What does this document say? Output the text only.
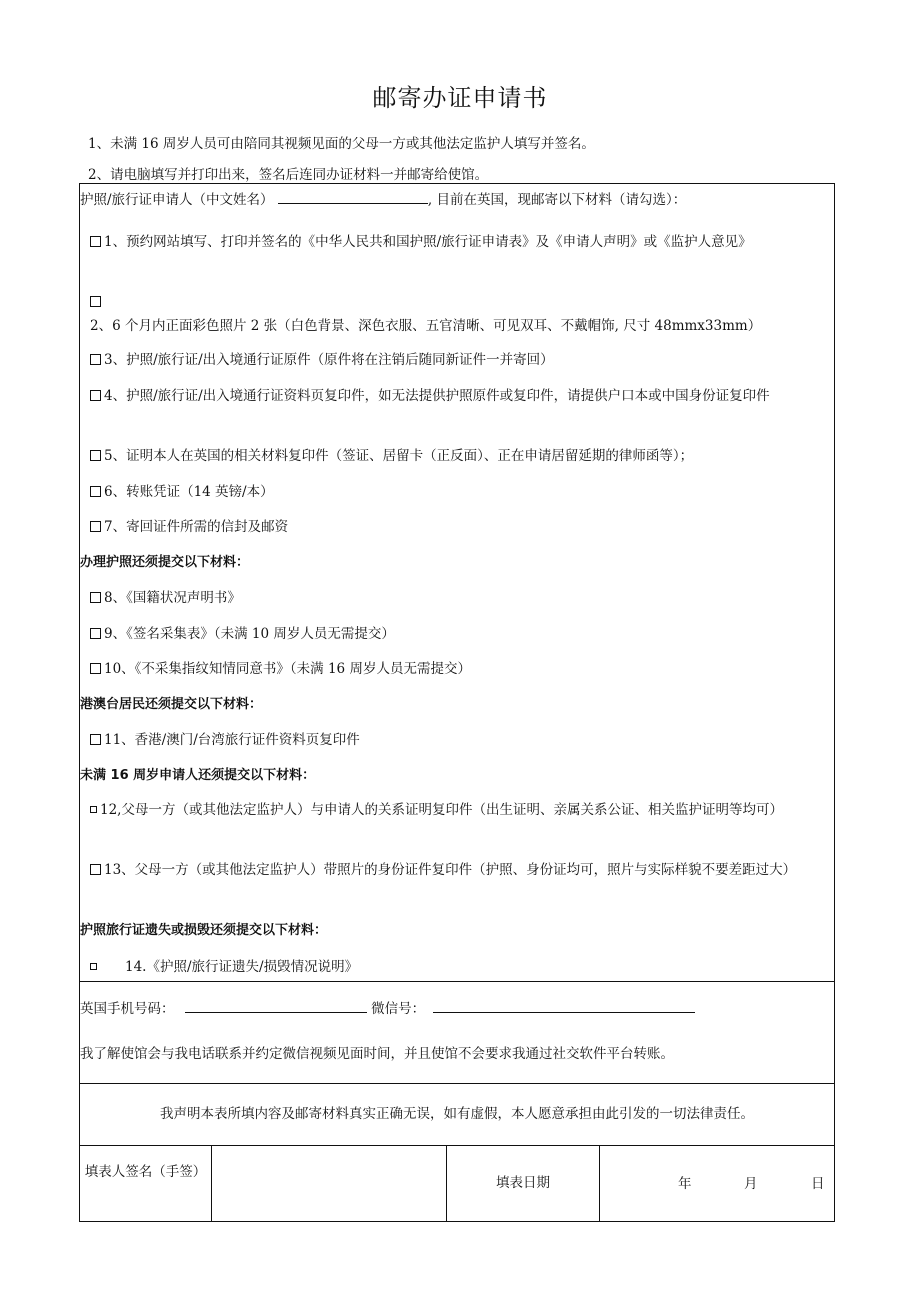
邮寄办证申请书
1、未满 16 周岁人员可由陪同其视频见面的父母一方或其他法定监护人填写并签名。
2、请电脑填写并打印出来，签名后连同办证材料一并邮寄给使馆。
护照/旅行证申请人（中文姓名）	, 目前在英国，现邮寄以下材料（请勾选）：
1、预约网站填写、打印并签名的《中华人民共和国护照/旅行证申请表》及《申请人声明》或《监护人意见》
2、6 个月内正面彩色照片 2 张（白色背景、深色衣服、五官清晰、可见双耳、不戴帽饰, 尺寸 48mmx33mm）
3、护照/旅行证/出入境通行证原件（原件将在注销后随同新证件一并寄回）
4、护照/旅行证/出入境通行证资料页复印件，如无法提供护照原件或复印件，请提供户口本或中国身份证复印件
5、证明本人在英国的相关材料复印件（签证、居留卡（正反面）、正在申请居留延期的律师函等）；
6、转账凭证（14 英镑/本）
7、寄回证件所需的信封及邮资
办理护照还须提交以下材料：
8、《国籍状况声明书》
9、《签名采集表》（未满 10 周岁人员无需提交）
10、《不采集指纹知情同意书》（未满 16 周岁人员无需提交）
港澳台居民还须提交以下材料：
11、香港/澳门/台湾旅行证件资料页复印件
未满 16 周岁申请人还须提交以下材料：
12,父母一方（或其他法定监护人）与申请人的关系证明复印件（出生证明、亲属关系公证、相关监护证明等均可）
13、父母一方（或其他法定监护人）带照片的身份证件复印件（护照、身份证均可，照片与实际样貌不要差距过大）
护照旅行证遗失或损毁还须提交以下材料：
14.《护照/旅行证遗失/损毁情况说明》
英国手机号码：	微信号：
我了解使馆会与我电话联系并约定微信视频见面时间，并且使馆不会要求我通过社交软件平台转账。
我声明本表所填内容及邮寄材料真实正确无误，如有虚假，本人愿意承担由此引发的一切法律责任。
填表人签名（手签）
填表日期	年	月	日
